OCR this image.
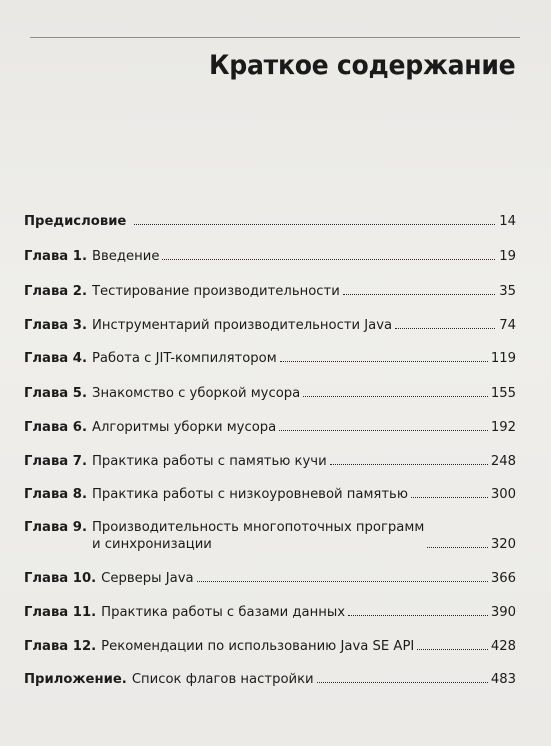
Краткое содержание
Предисловие	14
Глава 1. Введение	19
Глава 2. Тестирование производительности	35
Глава 3. Инструментарий производительности Java	74
Глава 4. Работа с JIT-компилятором	119
Глава 5. Знакомство с уборкой мусора	155
Глава 6. Алгоритмы уборки мусора	192
Глава 7. Практика работы с памятью кучи	248
Глава 8. Практика работы с низкоуровневой памятью	300
Глава 9. Производительность многопоточных программ
и синхронизации	320
Глава 10. Серверы Java	366
Глава 11. Практика работы с базами данных	390
Глава 12. Рекомендации по использованию Java SE API	428
Приложение. Список флагов настройки	483
